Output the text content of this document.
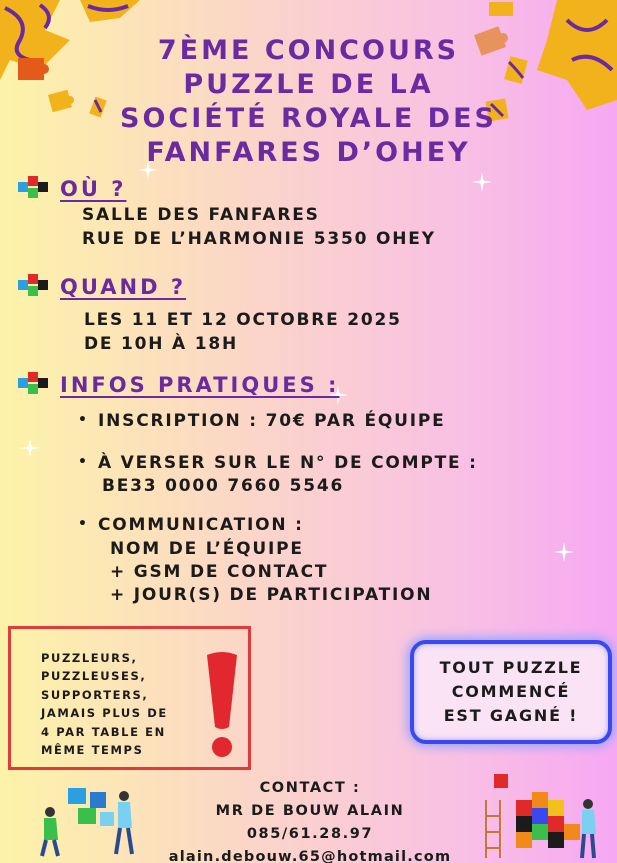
7ÈME CONCOURS
PUZZLE DE LA
SOCIÉTÉ ROYALE DES
FANFARES D’OHEY
OÙ ?
SALLE DES FANFARES
RUE DE L’HARMONIE 5350 OHEY
QUAND ?
LES 11 ET 12 OCTOBRE 2025
DE 10H À 18H
INFOS PRATIQUES :
• INSCRIPTION : 70€ PAR ÉQUIPE
• À VERSER SUR LE N° DE COMPTE :
BE33 0000 7660 5546
• COMMUNICATION :
NOM DE L’ÉQUIPE
+ GSM DE CONTACT
+ JOUR(S) DE PARTICIPATION
PUZZLEURS,
PUZZLEUSES,
SUPPORTERS,
JAMAIS PLUS DE
4 PAR TABLE EN
MÊME TEMPS
TOUT PUZZLE
COMMENCÉ
EST GAGNÉ !
CONTACT :
MR DE BOUW ALAIN
085/61.28.97
alain.debouw.65@hotmail.com
